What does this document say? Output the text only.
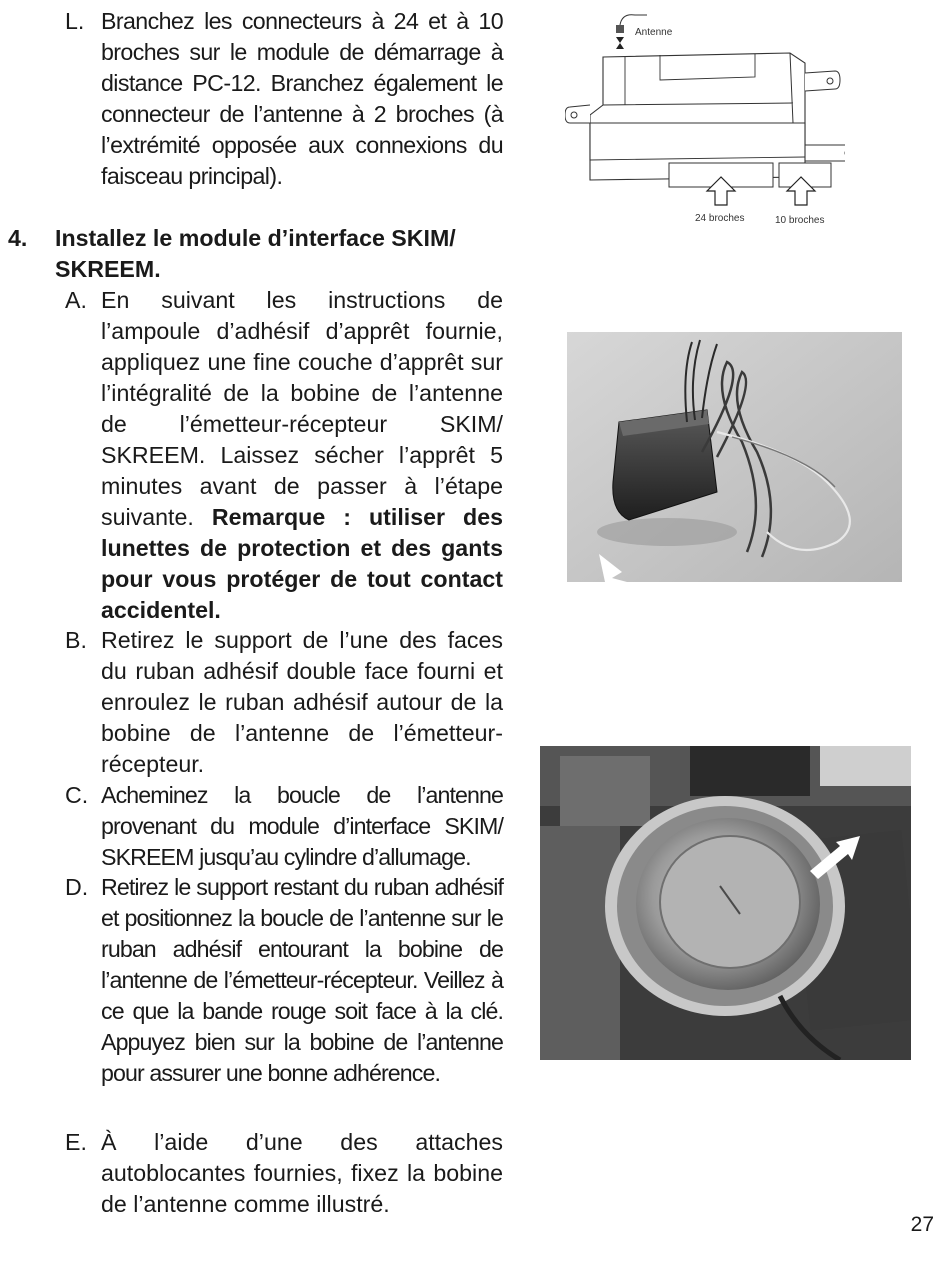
L. Branchez les connecteurs à 24 et à 10 broches sur le module de démarrage à distance PC-12. Branchez également le connecteur de l’antenne à 2 broches (à l’extrémité opposée aux connexions du faisceau principal).
4. Installez le module d’interface SKIM/ SKREEM.
A. En suivant les instructions de l’ampoule d’adhésif d’apprêt fournie, appliquez une fine couche d’apprêt sur l’intégralité de la bobine de l’antenne de l’émetteur-récepteur SKIM/ SKREEM. Laissez sécher l’apprêt 5 minutes avant de passer à l’étape suivante. Remarque : utiliser des lunettes de protection et des gants pour vous protéger de tout contact accidentel.
B. Retirez le support de l’une des faces du ruban adhésif double face fourni et enroulez le ruban adhésif autour de la bobine de l’antenne de l’émetteur-récepteur.
C. Acheminez la boucle de l’antenne provenant du module d’interface SKIM/ SKREEM jusqu’au cylindre d’allumage.
D. Retirez le support restant du ruban adhésif et positionnez la boucle de l’antenne sur le ruban adhésif entourant la bobine de l’antenne de l’émetteur-récepteur. Veillez à ce que la bande rouge soit face à la clé. Appuyez bien sur la bobine de l’antenne pour assurer une bonne adhérence.
E. À l’aide d’une des attaches autoblocantes fournies, fixez la bobine de l’antenne comme illustré.
Antenne
24 broches	10 broches
27
